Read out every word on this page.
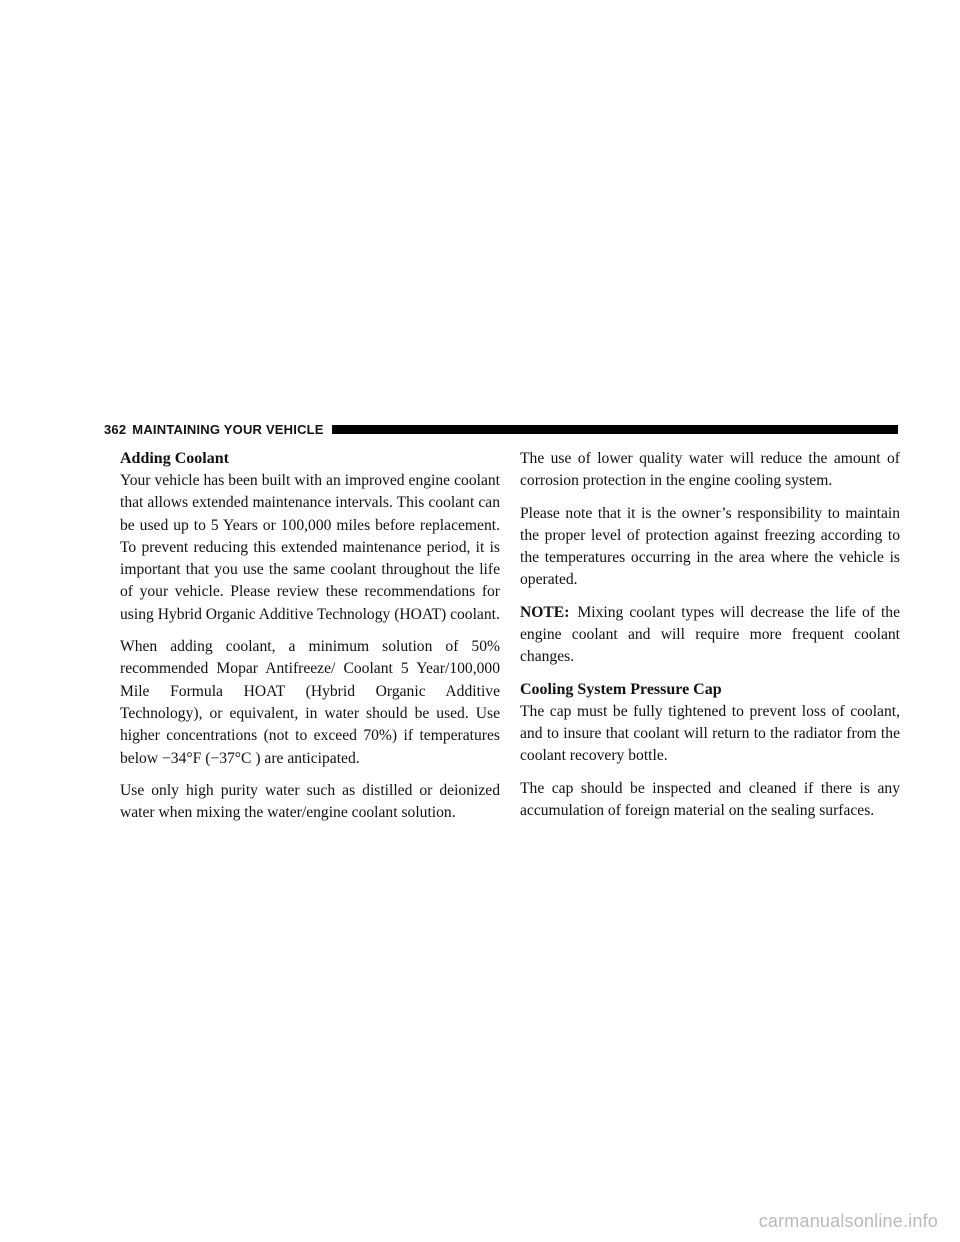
362 MAINTAINING YOUR VEHICLE
Adding Coolant

Your vehicle has been built with an improved engine coolant that allows extended maintenance intervals. This coolant can be used up to 5 Years or 100,000 miles before replacement. To prevent reducing this extended maintenance period, it is important that you use the same coolant throughout the life of your vehicle. Please review these recommendations for using Hybrid Organic Additive Technology (HOAT) coolant.

When adding coolant, a minimum solution of 50% recommended Mopar Antifreeze/ Coolant 5 Year/100,000 Mile Formula HOAT (Hybrid Organic Additive Technology), or equivalent, in water should be used. Use higher concentrations (not to exceed 70%) if temperatures below −34°F (−37°C ) are anticipated.

Use only high purity water such as distilled or deionized water when mixing the water/engine coolant solution.

The use of lower quality water will reduce the amount of corrosion protection in the engine cooling system.

Please note that it is the owner’s responsibility to maintain the proper level of protection against freezing according to the temperatures occurring in the area where the vehicle is operated.

NOTE: Mixing coolant types will decrease the life of the engine coolant and will require more frequent coolant changes.

Cooling System Pressure Cap

The cap must be fully tightened to prevent loss of coolant, and to insure that coolant will return to the radiator from the coolant recovery bottle.

The cap should be inspected and cleaned if there is any accumulation of foreign material on the sealing surfaces.

carmanualsonline.info
